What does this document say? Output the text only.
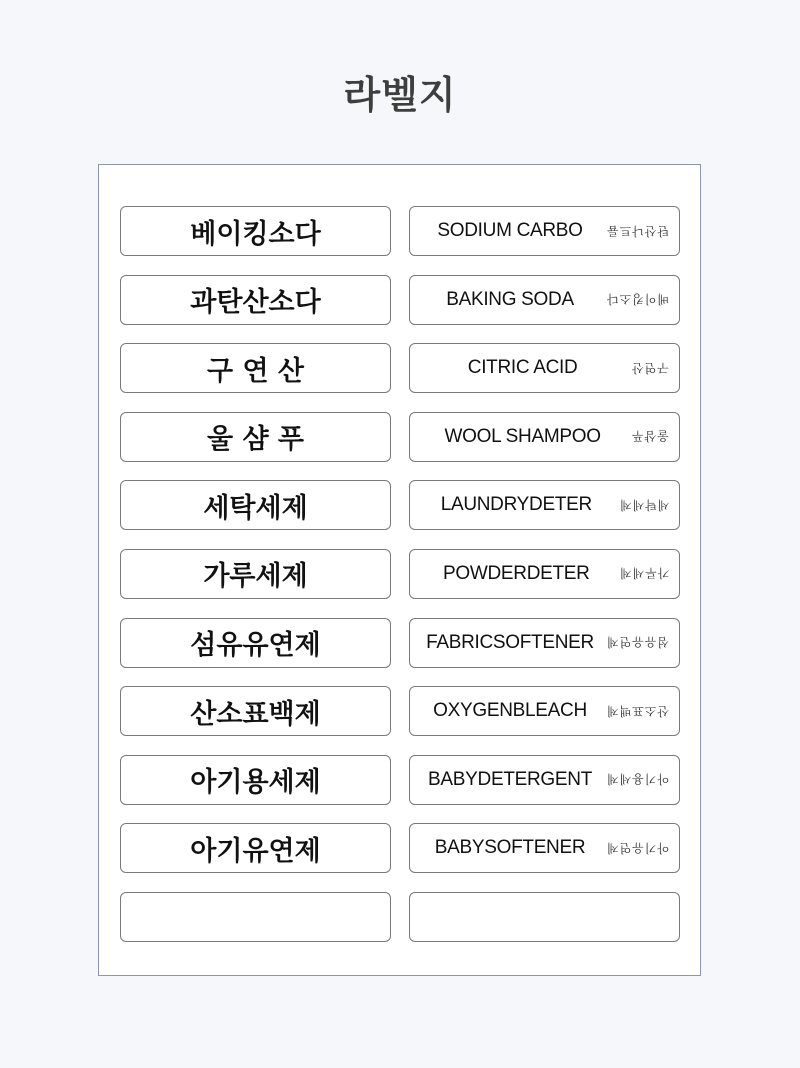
라벨지
베이킹소다	SODIUM CARBO	탄산나트륨
과탄산소다	BAKING SODA	베이킹소다
구 연 산	CITRIC ACID	구연산
울 샴 푸	WOOL SHAMPOO	울샴푸
세탁세제	LAUNDRYDETER	세탁세제
가루세제	POWDERDETER	가루세제
섬유유연제	FABRICSOFTENER	섬유유연제
산소표백제	OXYGENBLEACH	산소표백제
아기용세제	BABYDETERGENT	아기용세제
아기유연제	BABYSOFTENER	아기유연제
